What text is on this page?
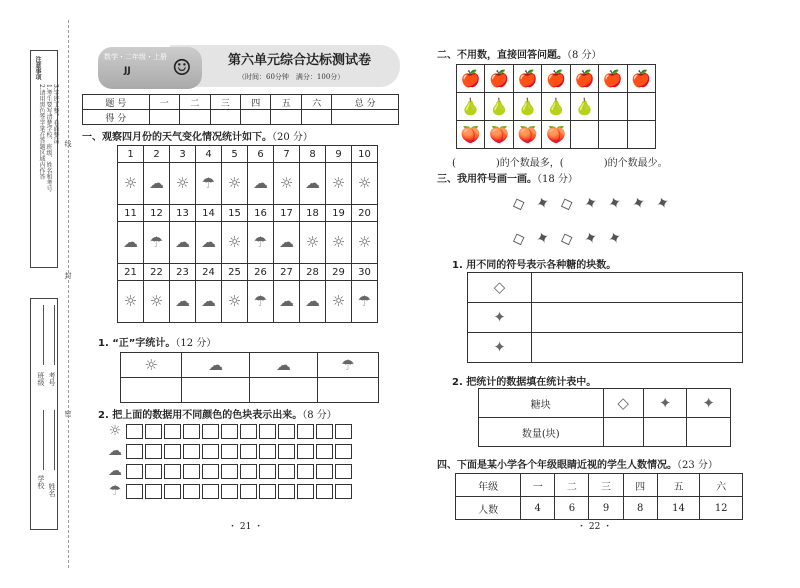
注意事项
1.考生要写清楚学校、班级、姓名和考号
2.请用黑色签字笔在答题区域内作答 3.字迹工整，卷面整洁 线
封
密
学校
班级
姓名
考号
数学・二年级・上册
JJ ☺	第六单元综合达标测试卷
（时间：60分钟　满分：100分）
题 号	一	二	三	四	五	六	总 分
得 分							
一、观察四月份的天气变化情况统计如下。（20 分）
1	2	3	4	5	6	7	8	9	10
☼	☁	☼	☂	☼	☁	☼	☁	☼	☼
11	12	13	14	15	16	17	18	19	20
☁	☂	☁	☁	☼	☂	☁	☼	☼	☼
21	22	23	24	25	26	27	28	29	30
☼	☼	☁	☁	☼	☂	☁	☁	☼	☂
1. “正”字统计。（12 分）
☼	☁	☁	☂

2. 把上面的数据用不同颜色的色块表示出来。（8 分）
☼
☁
☁
☂
・ 21 ・
二、不用数，直接回答问题。（8 分）
🍎	🍎	🍎	🍎	🍎	🍎	🍎
🍐	🍐	🍐	🍐	🍐		
🍑	🍑	🍑	🍑			
(　　　　)的个数最多，(　　　　)的个数最少。
三、我用符号画一画。（18 分）
◇ ✦ ◇ ✦ ✦ ✦ ✦
◇ ✦ ◇ ✦ ✦
1. 用不同的符号表示各种糖的块数。
◇	
✦	
✦	
2. 把统计的数据填在统计表中。
糖块	◇	✦	✦
数量(块)			
四、下面是某小学各个年级眼睛近视的学生人数情况。（23 分）
年级	一	二	三	四	五	六
人数	4	6	9	8	14	12
・ 22 ・
